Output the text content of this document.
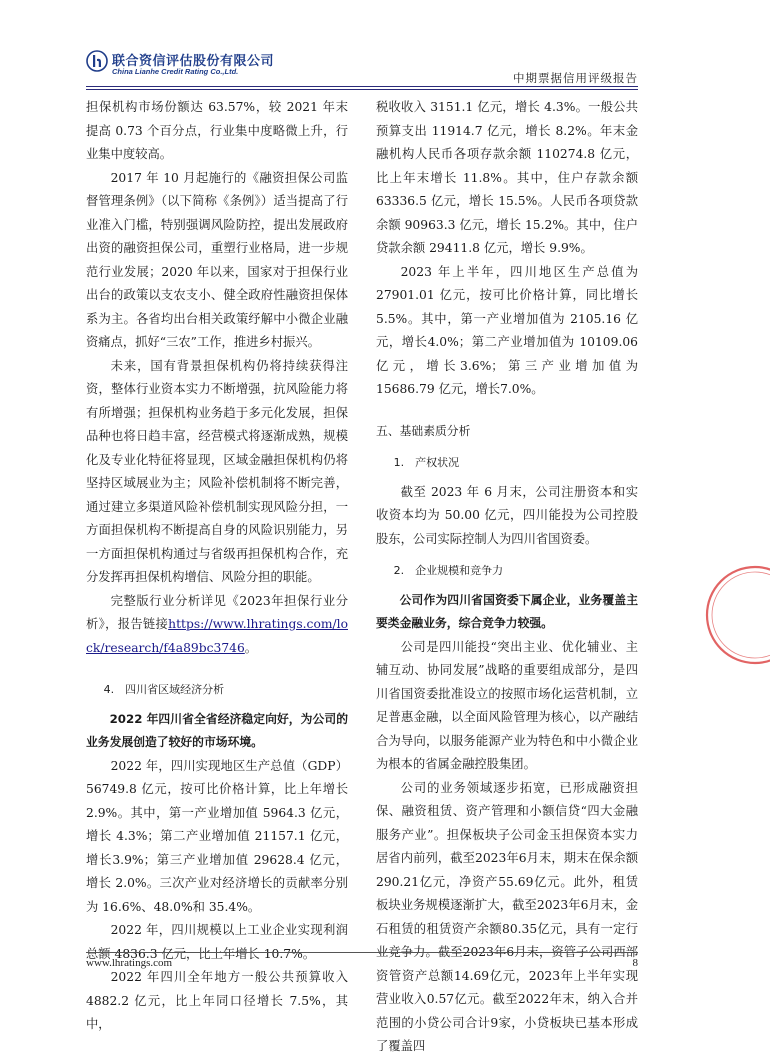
联合资信评估股份有限公司
China Lianhe Credit Rating Co.,Ltd.	中期票据信用评级报告

担保机构市场份额达 63.57%，较 2021 年末提高 0.73 个百分点，行业集中度略微上升，行业集中度较高。

2017 年 10 月起施行的《融资担保公司监督管理条例》（以下简称《条例》）适当提高了行业准入门槛，特别强调风险防控，提出发展政府出资的融资担保公司，重塑行业格局，进一步规范行业发展；2020 年以来，国家对于担保行业出台的政策以支农支小、健全政府性融资担保体系为主。各省均出台相关政策纾解中小微企业融资痛点，抓好“三农”工作，推进乡村振兴。

未来，国有背景担保机构仍将持续获得注资，整体行业资本实力不断增强，抗风险能力将有所增强；担保机构业务趋于多元化发展，担保品种也将日趋丰富，经营模式将逐渐成熟，规模化及专业化特征将显现，区域金融担保机构仍将坚持区域展业为主；风险补偿机制将不断完善，通过建立多渠道风险补偿机制实现风险分担，一方面担保机构不断提高自身的风险识别能力，另一方面担保机构通过与省级再担保机构合作，充分发挥再担保机构增信、风险分担的职能。

完整版行业分析详见《2023年担保行业分析》，报告链接https://www.lhratings.com/lock/research/f4a89bc3746。

4.　四川省区域经济分析

2022 年四川省全省经济稳定向好，为公司的业务发展创造了较好的市场环境。

2022 年，四川实现地区生产总值（GDP）56749.8 亿元，按可比价格计算，比上年增长2.9%。其中，第一产业增加值 5964.3 亿元，增长 4.3%；第二产业增加值 21157.1 亿元，增长3.9%；第三产业增加值 29628.4 亿元，增长 2.0%。三次产业对经济增长的贡献率分别为 16.6%、48.0%和 35.4%。

2022 年，四川规模以上工业企业实现利润总额 4836.3 亿元，比上年增长 10.7%。

2022 年四川全年地方一般公共预算收入4882.2 亿元，比上年同口径增长 7.5%，其中，

税收收入 3151.1 亿元，增长 4.3%。一般公共预算支出 11914.7 亿元，增长 8.2%。年末金融机构人民币各项存款余额 110274.8 亿元，比上年末增长 11.8%。其中，住户存款余额 63336.5 亿元，增长 15.5%。人民币各项贷款余额 90963.3 亿元，增长 15.2%。其中，住户贷款余额 29411.8 亿元，增长 9.9%。

2023 年上半年，四川地区生产总值为27901.01 亿元，按可比价格计算，同比增长 5.5%。其中，第一产业增加值为 2105.16 亿元，增长4.0%；第二产业增加值为 10109.06 亿元，增长3.6%；第三产业增加值为 15686.79 亿元，增长7.0%。

五、基础素质分析

1.　产权状况

截至 2023 年 6 月末，公司注册资本和实收资本均为 50.00 亿元，四川能投为公司控股股东，公司实际控制人为四川省国资委。

2.　企业规模和竞争力

公司作为四川省国资委下属企业，业务覆盖主要类金融业务，综合竞争力较强。

公司是四川能投“突出主业、优化辅业、主辅互动、协同发展”战略的重要组成部分，是四川省国资委批准设立的按照市场化运营机制，立足普惠金融，以全面风险管理为核心，以产融结合为导向，以服务能源产业为特色和中小微企业为根本的省属金融控股集团。

公司的业务领域逐步拓宽，已形成融资担保、融资租赁、资产管理和小额信贷“四大金融服务产业”。担保板块子公司金玉担保资本实力居省内前列，截至2023年6月末，期末在保余额290.21亿元，净资产55.69亿元。此外，租赁板块业务规模逐渐扩大，截至2023年6月末，金石租赁的租赁资产余额80.35亿元，具有一定行业竞争力。截至2023年6月末，资管子公司西部资管资产总额14.69亿元，2023年上半年实现营业收入0.57亿元。截至2022年末，纳入合并范围的小贷公司合计9家，小贷板块已基本形成了覆盖四

www.lhratings.com	8
